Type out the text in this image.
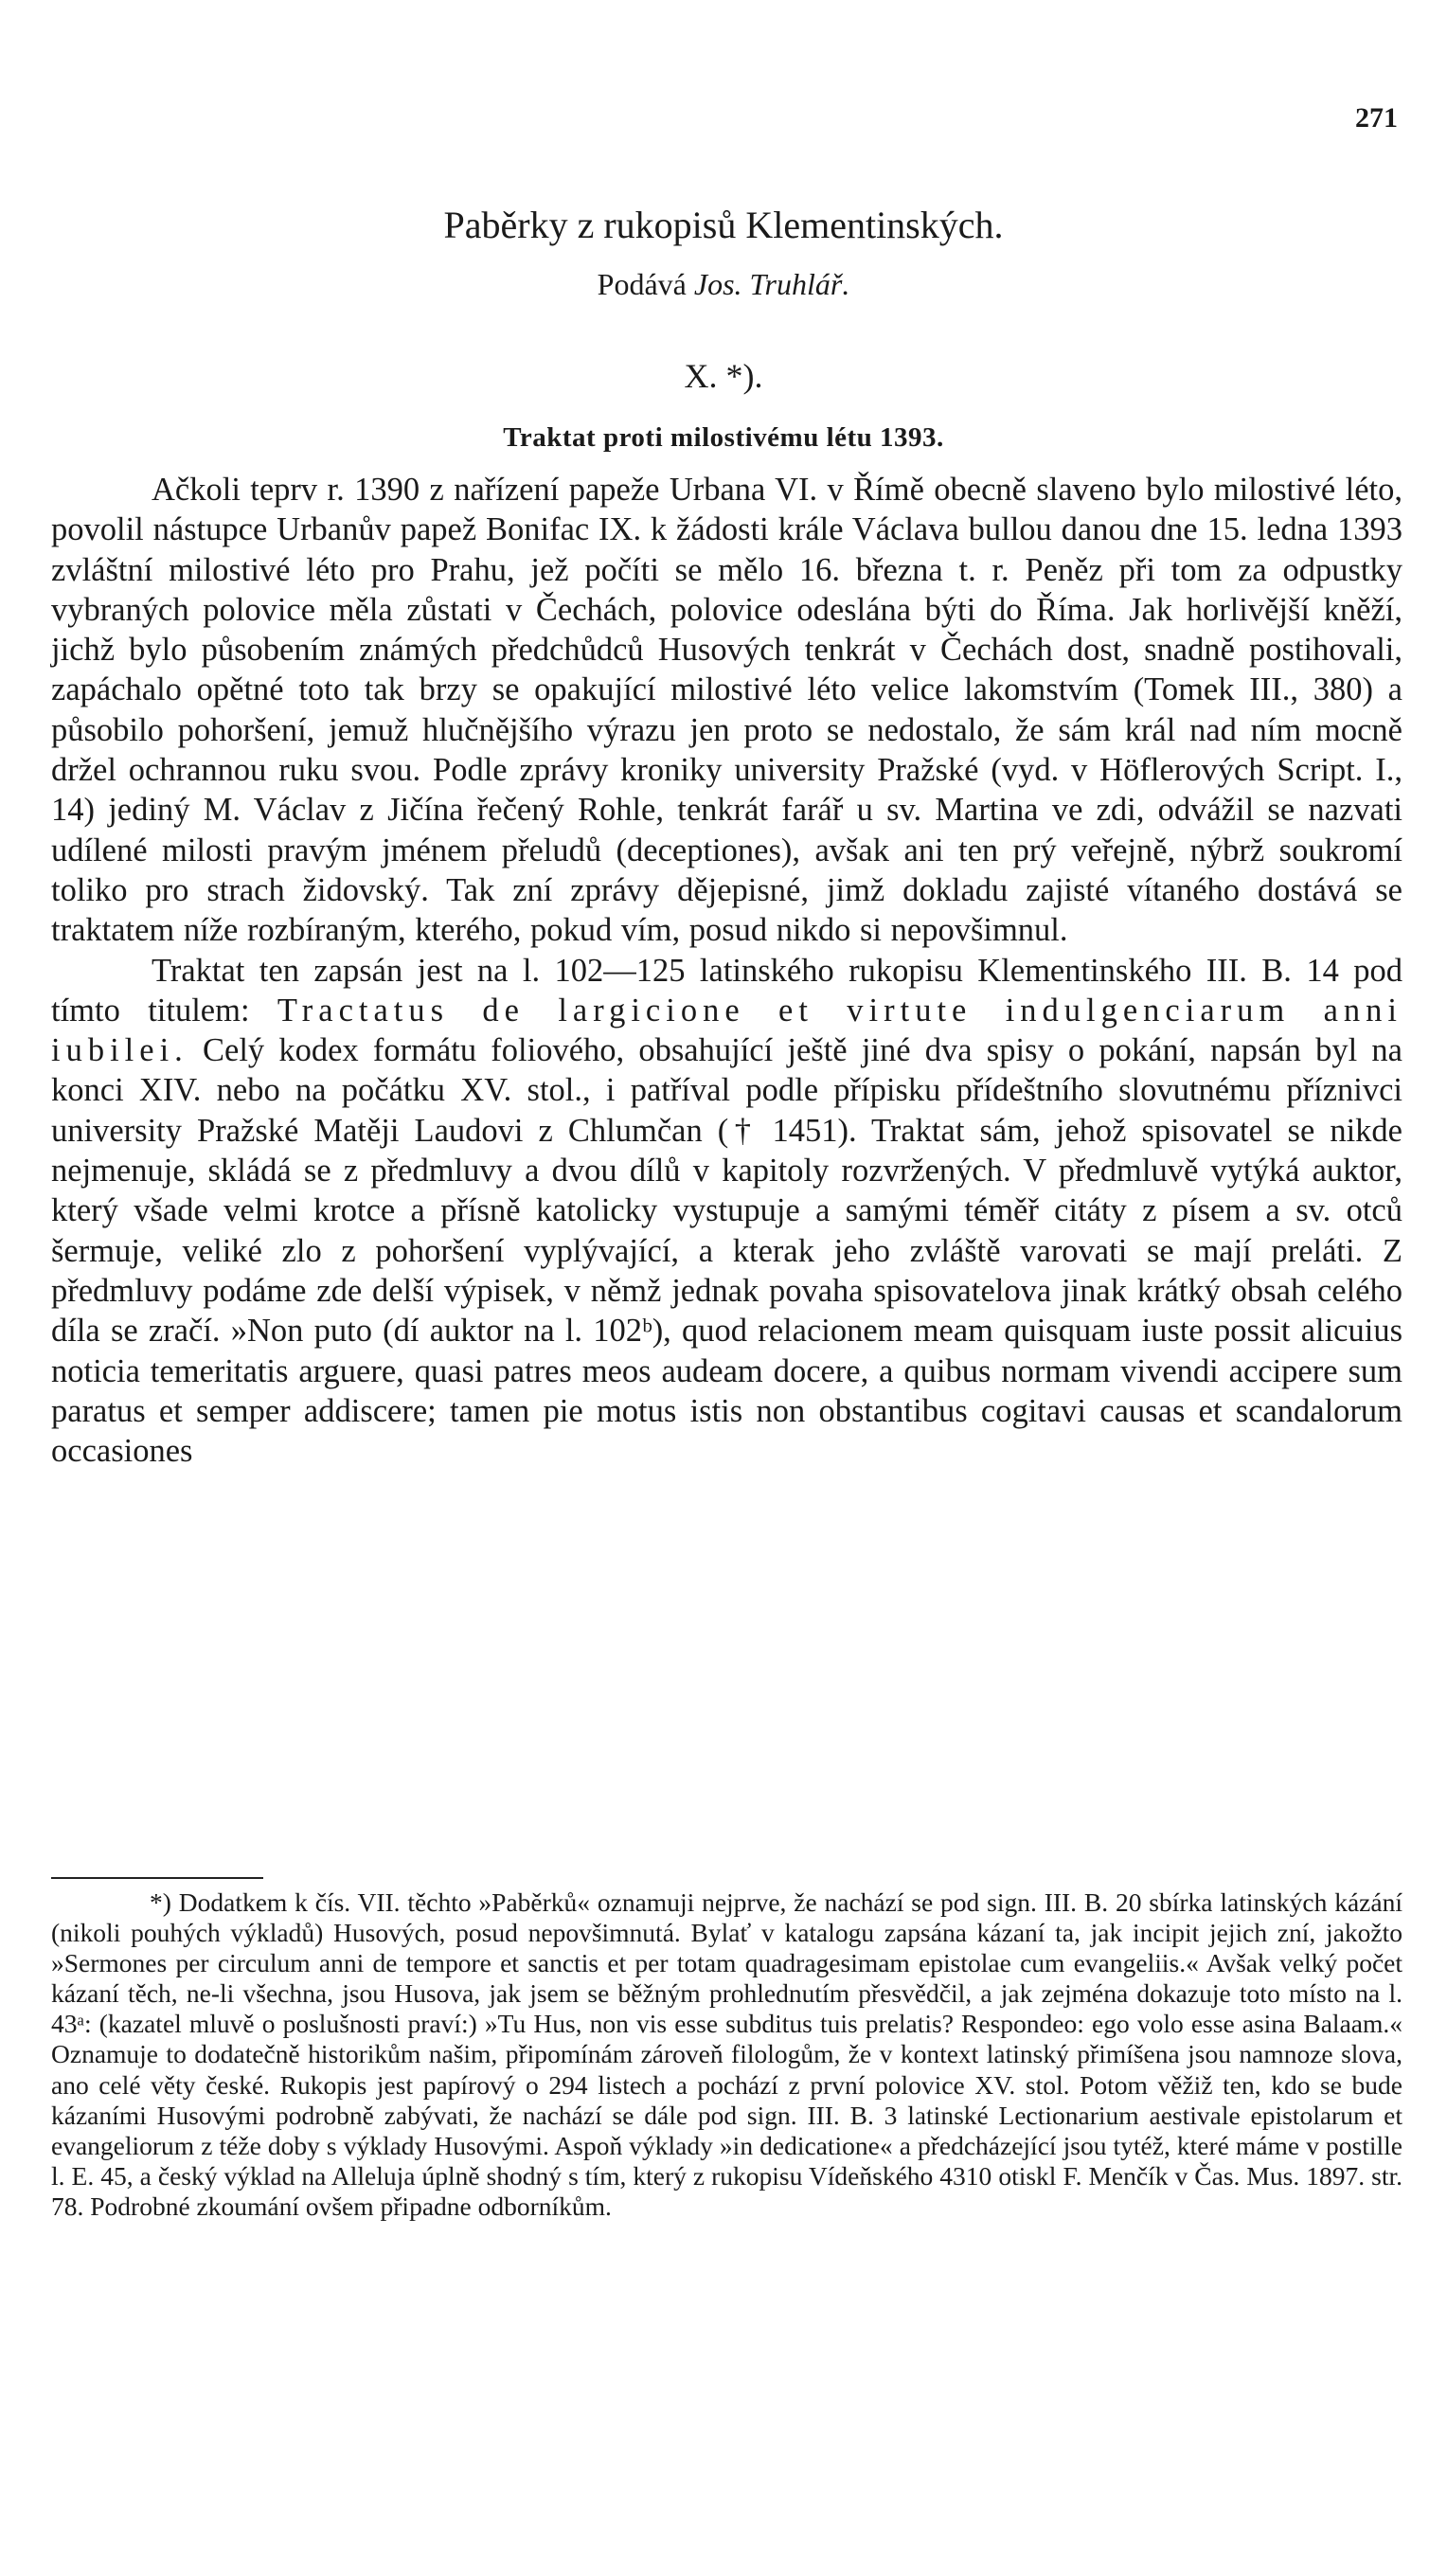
271
Paběrky z rukopisů Klementinských.
Podává Jos. Truhlář.
X. *).
Traktat proti milostivému létu 1393.

Ačkoli teprv r. 1390 z nařízení papeže Urbana VI. v Římě obecně slaveno bylo milostivé léto, povolil nástupce Urbanův papež Bonifac IX. k žádosti krále Václava bullou danou dne 15. ledna 1393 zvláštní milostivé léto pro Prahu, jež počíti se mělo 16. března t. r. Peněz při tom za odpustky vybraných polovice měla zůstati v Čechách, polovice odeslána býti do Říma. Jak horlivější kněží, jichž bylo působením známých předchůdců Husových tenkrát v Čechách dost, snadně postihovali, zapáchalo opětné toto tak brzy se opakující milostivé léto velice lakomstvím (Tomek III., 380) a působilo pohoršení, jemuž hlučnějšího výrazu jen proto se nedostalo, že sám král nad ním mocně držel ochrannou ruku svou. Podle zprávy kroniky university Pražské (vyd. v Höflerových Script. I., 14) jediný M. Václav z Jičína řečený Rohle, tenkrát farář u sv. Martina ve zdi, odvážil se nazvati udílené milosti pravým jménem přeludů (deceptiones), avšak ani ten prý veřejně, nýbrž soukromí toliko pro strach židovský. Tak zní zprávy dějepisné, jimž dokladu zajisté vítaného dostává se traktatem níže rozbíraným, kterého, pokud vím, posud nikdo si nepovšimnul.

Traktat ten zapsán jest na l. 102—125 latinského rukopisu Klementinského III. B. 14 pod tímto titulem: Tractatus de largicione et virtute indulgenciarum anni iubilei. Celý kodex formátu foliového, obsahující ještě jiné dva spisy o pokání, napsán byl na konci XIV. nebo na počátku XV. stol., i patříval podle přípisku přídeštního slovutnému příznivci university Pražské Matěji Laudovi z Chlumčan († 1451). Traktat sám, jehož spisovatel se nikde nejmenuje, skládá se z předmluvy a dvou dílů v kapitoly rozvržených. V předmluvě vytýká auktor, který všade velmi krotce a přísně katolicky vystupuje a samými téměř citáty z písem a sv. otců šermuje, veliké zlo z pohoršení vyplývající, a kterak jeho zvláště varovati se mají preláti. Z předmluvy podáme zde delší výpisek, v němž jednak povaha spisovatelova jinak krátký obsah celého díla se zračí. »Non puto (dí auktor na l. 102ᵇ), quod relacionem meam quisquam iuste possit alicuius noticia temeritatis arguere, quasi patres meos audeam docere, a quibus normam vivendi accipere sum paratus et semper addiscere; tamen pie motus istis non obstantibus cogitavi causas et scandalorum occasiones

*) Dodatkem k čís. VII. těchto »Paběrků« oznamuji nejprve, že nachází se pod sign. III. B. 20 sbírka latinských kázání (nikoli pouhých výkladů) Husových, posud nepovšimnutá. Bylať v katalogu zapsána kázaní ta, jak incipit jejich zní, jakožto »Sermones per circulum anni de tempore et sanctis et per totam quadragesimam epistolae cum evangeliis.« Avšak velký počet kázaní těch, ne-li všechna, jsou Husova, jak jsem se běžným prohlednutím přesvědčil, a jak zejména dokazuje toto místo na l. 43ᵃ: (kazatel mluvě o poslušnosti praví:) »Tu Hus, non vis esse subditus tuis prelatis? Respondeo: ego volo esse asina Balaam.« Oznamuje to dodatečně historikům našim, připomínám zároveň filologům, že v kontext latinský přimíšena jsou namnoze slova, ano celé věty české. Rukopis jest papírový o 294 listech a pochází z první polovice XV. stol. Potom věžiž ten, kdo se bude kázaními Husovými podrobně zabývati, že nachází se dále pod sign. III. B. 3 latinské Lectionarium aestivale epistolarum et evangeliorum z téže doby s výklady Husovými. Aspoň výklady »in dedicatione« a předcházející jsou tytéž, které máme v postille l. E. 45, a český výklad na Alleluja úplně shodný s tím, který z rukopisu Vídeňského 4310 otiskl F. Menčík v Čas. Mus. 1897. str. 78. Podrobné zkoumání ovšem připadne odborníkům.
